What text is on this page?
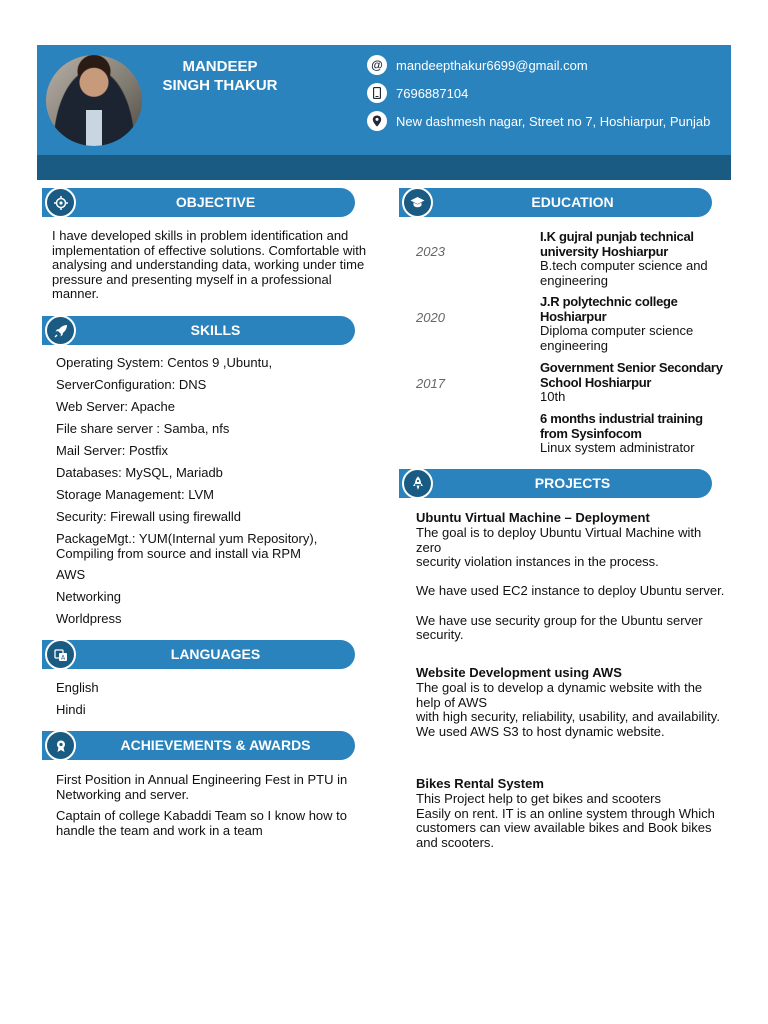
MANDEEP
SINGH THAKUR
@	mandeepthakur6699@gmail.com
7696887104
New dashmesh nagar, Street no 7, Hoshiarpur, Punjab
OBJECTIVE
I have developed skills in problem identification and implementation of effective solutions. Comfortable with analysing and understanding data, working under time pressure and presenting myself in a professional manner.
SKILLS
Operating System: Centos 9 ,Ubuntu,
ServerConfiguration: DNS
Web Server: Apache
File share server : Samba, nfs
Mail Server: Postfix
Databases: MySQL, Mariadb
Storage Management: LVM
Security: Firewall using firewalld
PackageMgt.: YUM(Internal yum Repository), Compiling from source and install via RPM
AWS
Networking
Worldpress
A	LANGUAGES
English
Hindi
ACHIEVEMENTS & AWARDS
First Position in Annual Engineering Fest in PTU in Networking and server.
Captain of college Kabaddi Team so I know how to handle the team and work in a team
EDUCATION
2023
I.K gujral punjab technical university Hoshiarpur
B.tech computer science and engineering
2020
J.R polytechnic college Hoshiarpur
Diploma computer science engineering
2017
Government Senior Secondary School Hoshiarpur
10th
6 months industrial training from Sysinfocom
Linux system administrator
PROJECTS
Ubuntu Virtual Machine – Deployment
The goal is to deploy Ubuntu Virtual Machine with zero
security violation instances in the process.

We have used EC2 instance to deploy Ubuntu server.

We have use security group for the Ubuntu server security.
Website Development using AWS
The goal is to develop a dynamic website with the help of AWS
with high security, reliability, usability, and availability.
We used AWS S3 to host dynamic website.
Bikes Rental System
This Project help to get bikes and scooters
Easily on rent. IT is an online system through Which
customers can view available bikes and Book bikes
and scooters.
